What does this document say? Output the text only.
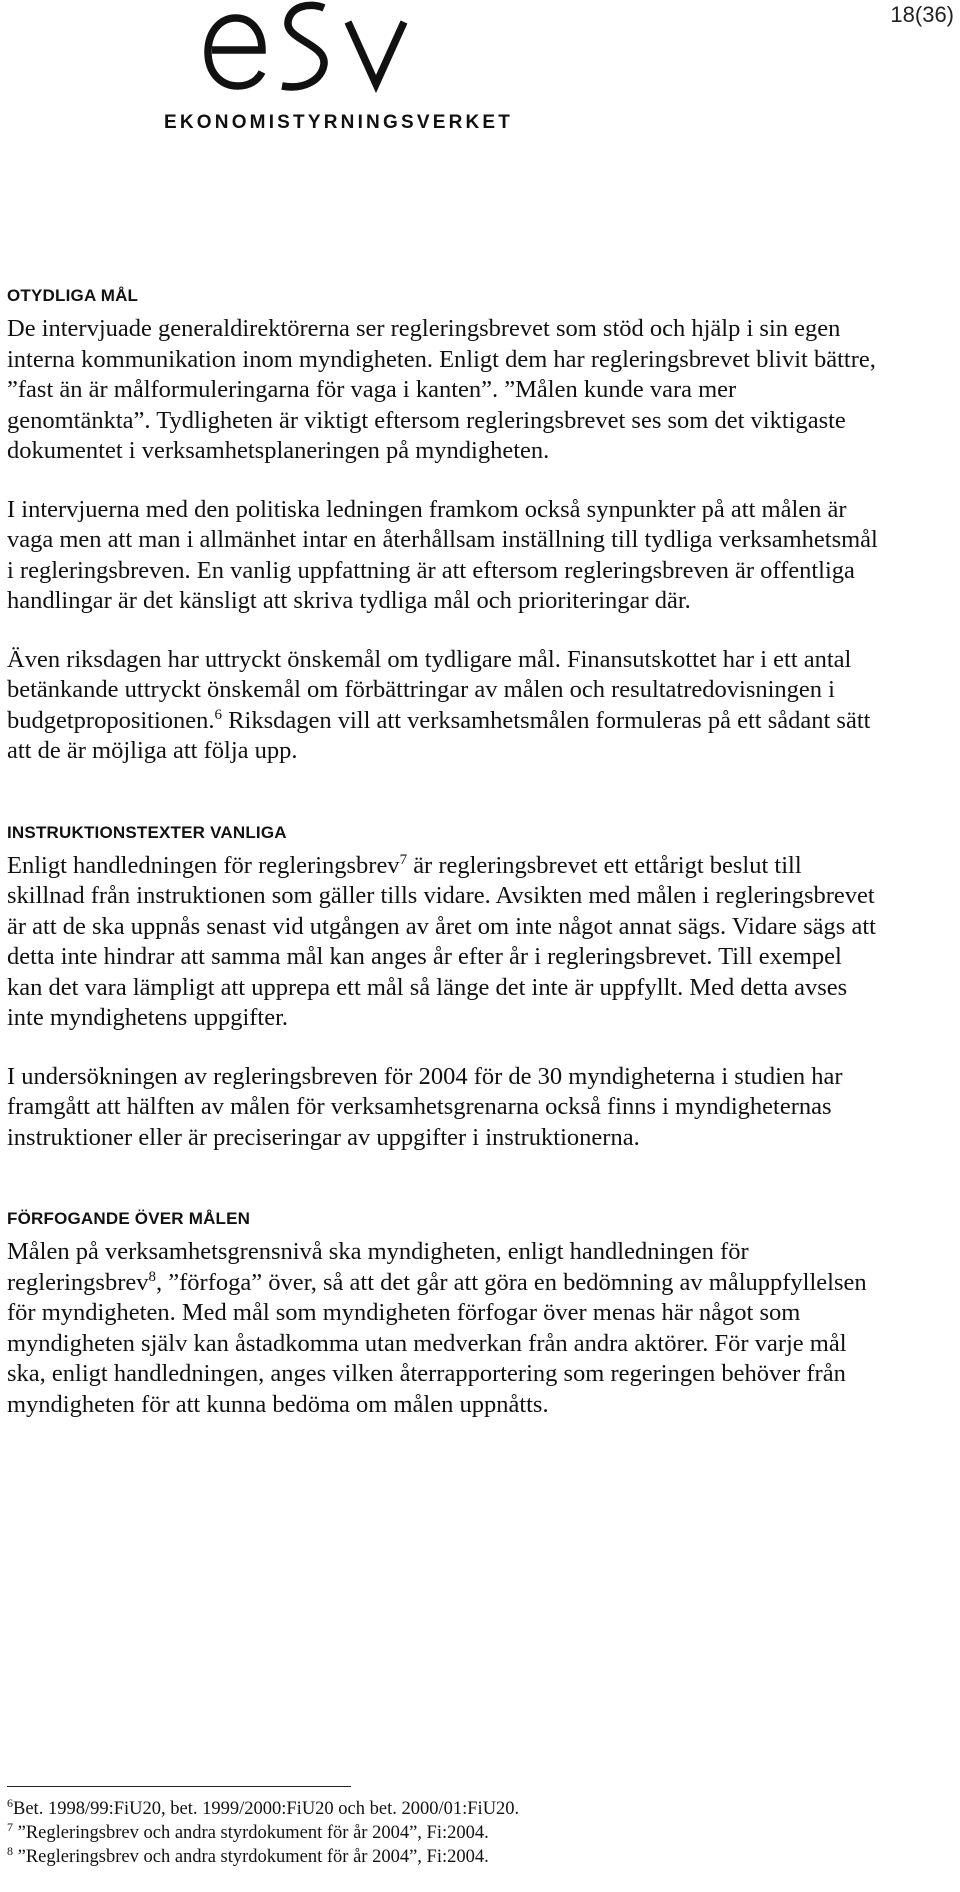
18(36)
EKONOMISTYRNINGSVERKET
OTYDLIGA MÅL

De intervjuade generaldirektörerna ser regleringsbrevet som stöd och hjälp i sin egen interna kommunikation inom myndigheten. Enligt dem har regleringsbrevet blivit bättre, ”fast än är målformuleringarna för vaga i kanten”. ”Målen kunde vara mer genomtänkta”. Tydligheten är viktigt eftersom regleringsbrevet ses som det viktigaste dokumentet i verksamhetsplaneringen på myndigheten.

I intervjuerna med den politiska ledningen framkom också synpunkter på att målen är vaga men att man i allmänhet intar en återhållsam inställning till tydliga verksamhetsmål i regleringsbreven. En vanlig uppfattning är att eftersom regleringsbreven är offentliga handlingar är det känsligt att skriva tydliga mål och prioriteringar där.

Även riksdagen har uttryckt önskemål om tydligare mål. Finansutskottet har i ett antal betänkande uttryckt önskemål om förbättringar av målen och resultatredovisningen i budgetpropositionen.$^6$ Riksdagen vill att verksamhetsmålen formuleras på ett sådant sätt att de är möjliga att följa upp.

INSTRUKTIONSTEXTER VANLIGA

Enligt handledningen för regleringsbrev$^7$ är regleringsbrevet ett ettårigt beslut till skillnad från instruktionen som gäller tills vidare. Avsikten med målen i regleringsbrevet är att de ska uppnås senast vid utgången av året om inte något annat sägs. Vidare sägs att detta inte hindrar att samma mål kan anges år efter år i regleringsbrevet. Till exempel kan det vara lämpligt att upprepa ett mål så länge det inte är uppfyllt. Med detta avses inte myndighetens uppgifter.

I undersökningen av regleringsbreven för 2004 för de 30 myndigheterna i studien har framgått att hälften av målen för verksamhetsgrenarna också finns i myndigheternas instruktioner eller är preciseringar av uppgifter i instruktionerna.

FÖRFOGANDE ÖVER MÅLEN

Målen på verksamhetsgrensnivå ska myndigheten, enligt handledningen för regleringsbrev$^8$, ”förfoga” över, så att det går att göra en bedömning av måluppfyllelsen för myndigheten. Med mål som myndigheten förfogar över menas här något som myndigheten själv kan åstadkomma utan medverkan från andra aktörer. För varje mål ska, enligt handledningen, anges vilken återrapportering som regeringen behöver från myndigheten för att kunna bedöma om målen uppnåtts.

$^6$Bet. 1998/99:FiU20, bet. 1999/2000:FiU20 och bet. 2000/01:FiU20.

$^7$ ”Regleringsbrev och andra styrdokument för år 2004”, Fi:2004.

$^8$ ”Regleringsbrev och andra styrdokument för år 2004”, Fi:2004.
